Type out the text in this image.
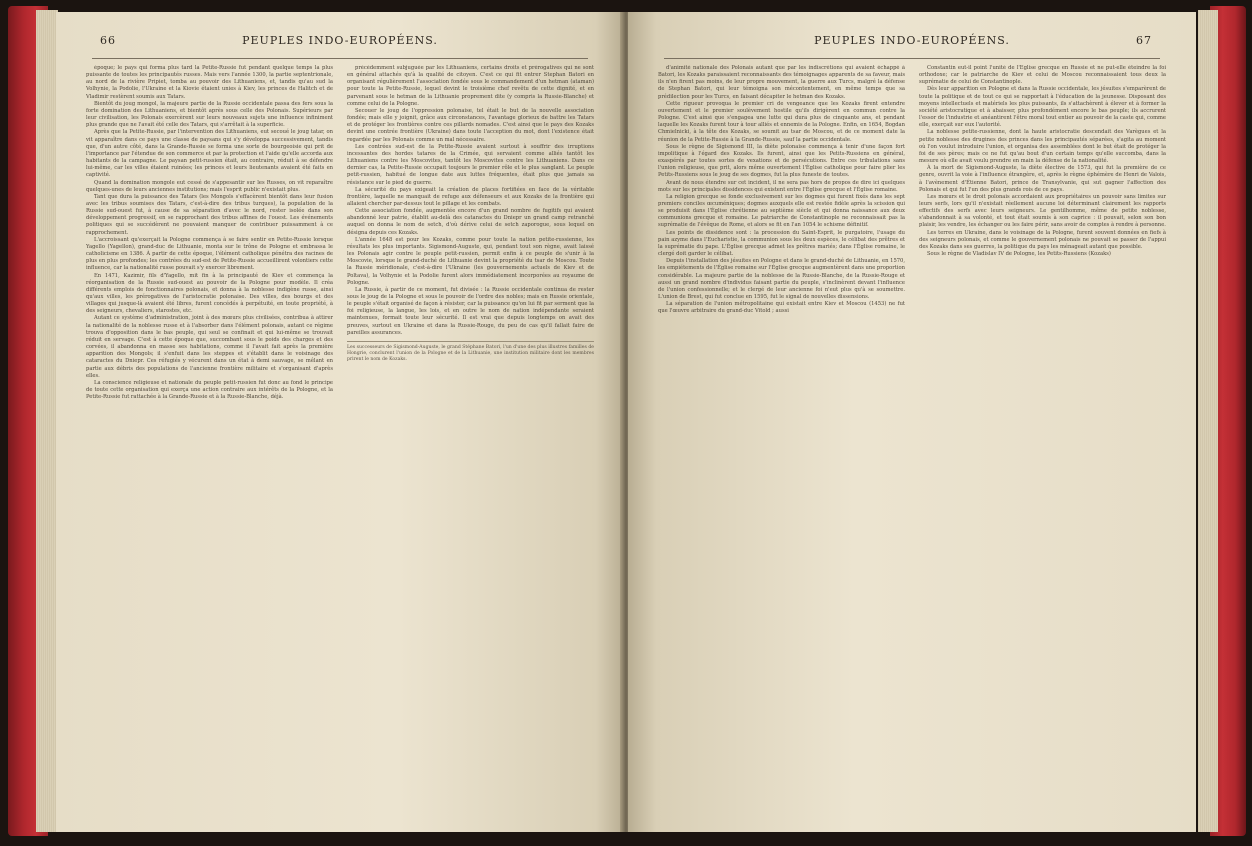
66	PEUPLES INDO-EUROPÉENS.

époque; le pays qui forma plus tard la Petite-Russie fut pendant quelque temps la plus puissante de toutes les principautés russes. Mais vers l'année 1300, la partie septentrionale, au nord de la rivière Pripiet, tomba au pouvoir des Lithuaniens, et, tandis qu'au sud la Volhynie, la Podolie, l'Ukraine et la Kiovie étaient unies à Kiev, les princes de Halitch et de Vladimir restèrent soumis aux Tatars.

Bientôt du joug mongol, la majeure partie de la Russie occidentale passa des fers sous la forte domination des Lithuaniens, et bientôt après sous celle des Polonais. Supérieurs par leur civilisation, les Polonais exercèrent sur leurs nouveaux sujets une influence infiniment plus grande que ne l'avait été celle des Tatars, qui s'arrêtait à la superficie.

Après que la Petite-Russie, par l'intervention des Lithuaniens, eut secoué le joug tatar, on vit apparaître dans ce pays une classe de paysans qui s'y développa successivement, tandis que, d'un autre côté, dans la Grande-Russie se forma une sorte de bourgeoisie qui prit de l'importance par l'étendue de son commerce et par la protection et l'aide qu'elle accorda aux habitants de la campagne. Le paysan petit-russien était, au contraire, réduit à se défendre lui-même, car les villes étaient ruinées; les princes et leurs lieutenants avaient été faits en captivité.

Quand la domination mongole eut cessé de s'appesantir sur les Russes, on vit reparaître quelques-unes de leurs anciennes institutions; mais l'esprit public n'existait plus.

Tant que dura la puissance des Tatars (les Mongols s'effacèrent bientôt dans leur fusion avec les tribus soumises des Tatars, c'est-à-dire des tribus turques), la population de la Russie sud-ouest fut, à cause de sa séparation d'avec le nord, rester isolée dans son développement progressif, en se rapprochant des tribus affines de l'ouest. Les événements politiques qui se succédèrent ne pouvaient manquer de contribuer puissamment à ce rapprochement.

L'accroissant qu'exerçait la Pologne commença à se faire sentir en Petite-Russie lorsque Yagello (Yagellon), grand-duc de Lithuanie, monta sur le trône de Pologne et embrassa le catholicisme en 1386. À partir de cette époque, l'élément catholique pénétra des racines de plus en plus profondes; les contrées du sud-est de Petite-Russie accueillirent volontiers cette influence, car la nationalité russe pouvait s'y exercer librement.

En 1471, Kazimir, fils d'Yagello, mit fin à la principauté de Kiev et commença la réorganisation de la Russie sud-ouest au pouvoir de la Pologne pour modèle. Il créa différents emplois de fonctionnaires polonais, et donna à la noblesse indigène russe, ainsi qu'aux villes, les prérogatives de l'aristocratie polonaise. Des villes, des bourgs et des villages qui jusque-là avaient été libres, furent concédés à perpétuité, en toute propriété, à des seigneurs, chevaliers, starostes, etc.

Autant ce système d'administration, joint à des mœurs plus civilisées, contribua à attirer la nationalité de la noblesse russe et à l'absorber dans l'élément polonais, autant ce régime trouva d'opposition dans le bas peuple, qui seul se confinait et qui lui-même se trouvait réduit en servage. C'est à cette époque que, succombant sous le poids des charges et des corvées, il abandonna en masse ses habitations, comme il l'avait fait après la première apparition des Mongols; il s'enfuit dans les steppes et s'établit dans le voisinage des cataractes du Dniepr. Ces réfugiés y vécurent dans un état à demi sauvage, se mêlant en partie aux débris des populations de l'ancienne frontière militaire et s'organisant d'après elles.

La conscience religieuse et nationale du peuple petit-russien fut donc au fond le principe de toute cette organisation qui exerça une action contraire aux intérêts de la Pologne, et la Petite-Russie fut rattachée à la Grande-Russie et à la Russie-Blanche, déjà.

précédemment subjuguée par les Lithuaniens, certains droits et prérogatives qui ne sont en général attachés qu'à la qualité de citoyen. C'est ce qui fit entrer Stephan Batori en organisant régulièrement l'association fondée sous le commandement d'un hetman (ataman) pour toute la Petite-Russie, lequel devint le troisième chef revêtu de cette dignité, et en parvenant sous le hetman de la Lithuanie proprement dite (y compris la Russie-Blanche) et comme celui de la Pologne.

Secouer le joug de l'oppression polonaise, tel était le but de la nouvelle association fondée; mais elle y joignit, grâce aux circonstances, l'avantage glorieux de battre les Tatars et de protéger les frontières contre ces pillards nomades. C'est ainsi que le pays des Kozaks devint une contrée frontière (Ukraine) dans toute l'acception du mot, dont l'existence était regardée par les Polonais comme un mal nécessaire.

Les contrées sud-est de la Petite-Russie avaient surtout à souffrir des irruptions incessantes des hordes tatares de la Crimée, qui servaient comme alliés tantôt les Lithuaniens contre les Moscovites, tantôt les Moscovites contre les Lithuaniens. Dans ce dernier cas, la Petite-Russie occupait toujours le premier rôle et le plus sanglant. Le peuple petit-russien, habitué de longue date aux luttes fréquentes, était plus que jamais sa résistance sur le pied de guerre.

La sécurité du pays exigeait la création de places fortifiées en face de la véritable frontière, laquelle ne manquait de refuge aux défenseurs et aux Kozaks de la frontière qui allaient chercher par-dessus tout le pillage et les combats.

Cette association fondée, augmentée encore d'un grand nombre de fugitifs qui avaient abandonné leur patrie, établit au-delà des cataractes du Dniepr un grand camp retranché auquel on donna le nom de setch, d'où dérive celui de setch zaporogue, sous lequel on désigna depuis ces Kozaks.

L'année 1648 est pour les Kozaks, comme pour toute la nation petite-russienne, les résultats les plus importants. Sigismond-Auguste, qui, pendant tout son règne, avait laissé les Polonais agir contre le peuple petit-russien, permit enfin à ce peuple de s'unir à la Moscovie, lorsque le grand-duché de Lithuanie devint la propriété du tsar de Moscou. Toute la Russie méridionale, c'est-à-dire l'Ukraine (les gouvernements actuels de Kiev et de Poltava), la Volhynie et la Podolie furent alors immédiatement incorporées au royaume de Pologne.

La Russie, à partir de ce moment, fut divisée : la Russie occidentale continua de rester sous le joug de la Pologne et sous le pouvoir de l'ordre des nobles; mais en Russie orientale, le peuple s'était organisé de façon à résister, car la puissance qu'on lui fit par serment que la foi religieuse, la langue, les lois, et en outre le nom de nation indépendante seraient maintenues, formait toute leur sécurité. Il est vrai que depuis longtemps on avait des preuves, surtout en Ukraine et dans la Russie-Rouge, du peu de cas qu'il fallait faire de pareilles assurances.

Les successeurs de Sigismond-Auguste, le grand Stéphane Batori, l'un d'une des plus illustres familles de Hongrie, conclurent l'union de la Pologne et de la Lithuanie, une institution militaire dont les membres prirent le nom de Kozaks.
PEUPLES INDO-EUROPÉENS.	67

d'animité nationale des Polonais autant que par les indiscrétions qui avaient échappé à Batori, les Kozaks paraissaient reconnaissants des témoignages apparents de sa faveur, mais ils n'en firent pas moins, de leur propre mouvement, la guerre aux Turcs, malgré la défense de Stephan Batori, qui leur témoigna son mécontentement, en même temps que sa prédilection pour les Turcs, en faisant décapiter le hetman des Kozaks.

Cette rigueur provoqua le premier cri de vengeance que les Kozaks firent entendre ouvertement et le premier soulèvement hostile qu'ils dirigèrent en commun contre la Pologne. C'est ainsi que s'engagea une lutte qui dura plus de cinquante ans, et pendant laquelle les Kozaks furent tour à tour alliés et ennemis de la Pologne. Enfin, en 1654, Bogdan Chmielnicki, à la tête des Kozaks, se soumit au tsar de Moscou, et de ce moment date la réunion de la Petite-Russie à la Grande-Russie, sauf la partie occidentale.

Sous le règne de Sigismond III, la diète polonaise commença à tenir d'une façon fort impolitique à l'égard des Kozaks. Ils furent, ainsi que les Petits-Russiens en général, exaspérés par toutes sortes de vexations et de persécutions. Entre ces tribulations sans l'union religieuse, que prit, alors même ouvertement l'Église catholique pour faire plier les Petits-Russiens sous le joug de ses dogmes, fut la plus funeste de toutes.

Avant de nous étendre sur cet incident, il ne sera pas hors de propos de dire ici quelques mots sur les principales dissidences qui existent entre l'Église grecque et l'Église romaine.

La religion grecque se fonde exclusivement sur les dogmes qui furent fixés dans les sept premiers conciles œcuméniques; dogmes auxquels elle est restée fidèle après la scission qui se produisit dans l'Église chrétienne au septième siècle et qui donna naissance aux deux communions grecque et romaine. Le patriarche de Constantinople ne reconnaissait pas la suprématie de l'évêque de Rome, et alors se fit en l'an 1054 le schisme définitif.

Les points de dissidence sont : la procession du Saint-Esprit, le purgatoire, l'usage du pain azyme dans l'Eucharistie, la communion sous les deux espèces, le célibat des prêtres et la suprématie du pape. L'Église grecque admet les prêtres mariés; dans l'Église romaine, le clergé doit garder le célibat.

Depuis l'installation des jésuites en Pologne et dans le grand-duché de Lithuanie, en 1570, les empiétements de l'Église romaine sur l'Église grecque augmentèrent dans une proportion considérable. La majeure partie de la noblesse de la Russie-Blanche, de la Russie-Rouge et aussi un grand nombre d'individus faisant partie du peuple, s'inclinèrent devant l'influence de l'union confessionnelle; et le clergé de leur ancienne foi n'eut plus qu'à se soumettre. L'union de Brest, qui fut conclue en 1595, fut le signal de nouvelles dissensions.

La séparation de l'union métropolitaine qui existait entre Kiev et Moscou (1453) ne fut que l'œuvre arbitraire du grand-duc Vitold ; aussi

Constantin eut-il point l'unité de l'Église grecque en Russie et ne put-elle éteindre la foi orthodoxe; car le patriarche de Kiev et celui de Moscou reconnaissaient tous deux la suprématie de celui de Constantinople.

Dès leur apparition en Pologne et dans la Russie occidentale, les jésuites s'emparèrent de toute la politique et de tout ce qui se rapportait à l'éducation de la jeunesse. Disposant des moyens intellectuels et matériels les plus puissants, ils s'attachèrent à élever et à former la société aristocratique et à abaisser, plus profondément encore le bas peuple; ils accrurent l'essor de l'industrie et anéantirent l'être moral tout entier au pouvoir de la caste qui, comme elle, exerçait sur eux l'autorité.

La noblesse petite-russienne, dont la haute aristocratie descendait des Varègues et la petite noblesse des drugines des princes dans les principautés séparées, s'agita au moment où l'on voulut introduire l'union, et organisa des assemblées dont le but était de protéger la foi de ses pères; mais ce ne fut qu'au bout d'un certain temps qu'elle succomba, dans la mesure où elle avait voulu prendre en main la défense de la nationalité.

À la mort de Sigismond-Auguste, la diète élective de 1573, qui fut la première de ce genre, ouvrit la voie à l'influence étrangère, et, après le règne éphémère de Henri de Valois, à l'avènement d'Étienne Batori, prince de Transylvanie, qui sut gagner l'affection des Polonais et qui fut l'un des plus grands rois de ce pays.

Les mœurs et le droit polonais accordaient aux propriétaires un pouvoir sans limites sur leurs serfs, lors qu'il n'existait réellement aucune loi déterminant clairement les rapports effectifs des serfs avec leurs seigneurs. Le gentilhomme, même de petite noblesse, s'abandonnait à sa volonté, et tout était soumis à son caprice : il pouvait, selon son bon plaisir, les vendre, les échanger ou les faire périr, sans avoir de comptes à rendre à personne.

Les terres en Ukraine, dans le voisinage de la Pologne, furent souvent données en fiefs à des seigneurs polonais, et comme le gouvernement polonais ne pouvait se passer de l'appui des Kozaks dans ses guerres, la politique du pays les ménageait autant que possible.

Sous le règne de Vladislav IV de Pologne, les Petits-Russiens (Kozaks)
